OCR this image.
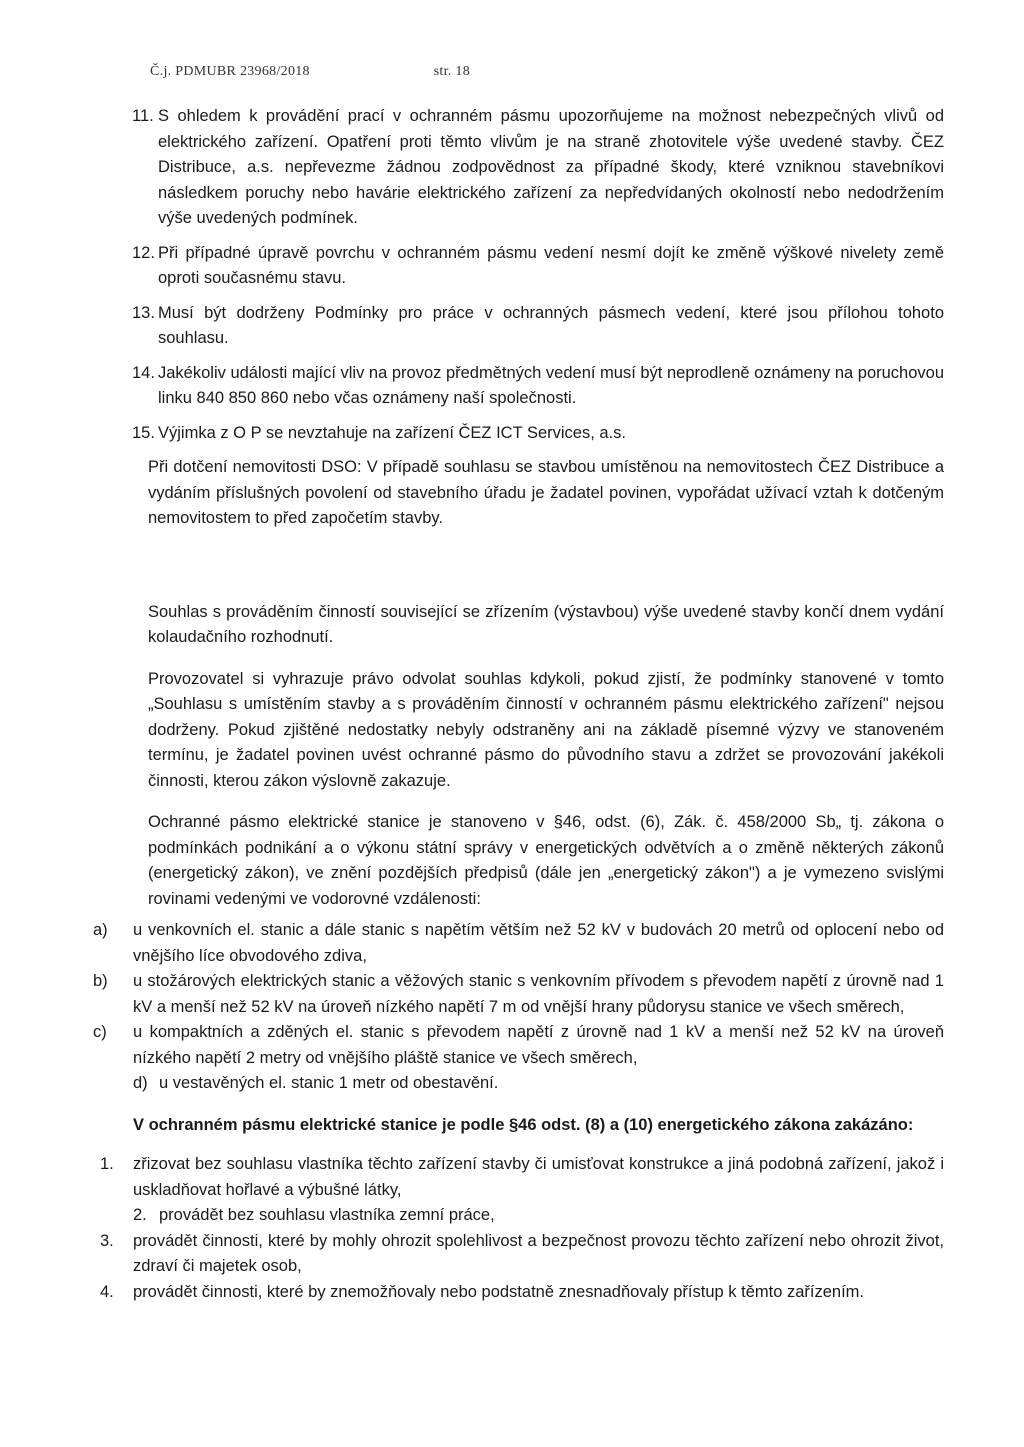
Č.j. PDMUBR 23968/2018	str. 18
11. S ohledem k provádění prací v ochranném pásmu upozorňujeme na možnost nebezpečných vlivů od elektrického zařízení. Opatření proti těmto vlivům je na straně zhotovitele výše uvedené stavby. ČEZ Distribuce, a.s. nepřevezme žádnou zodpovědnost za případné škody, které vzniknou stavebníkovi následkem poruchy nebo havárie elektrického zařízení za nepředvídaných okolností nebo nedodržením výše uvedených podmínek.
12. Při případné úpravě povrchu v ochranném pásmu vedení nesmí dojít ke změně výškové nivelety země oproti současnému stavu.
13. Musí být dodrženy Podmínky pro práce v ochranných pásmech vedení, které jsou přílohou tohoto souhlasu.
14. Jakékoliv události mající vliv na provoz předmětných vedení musí být neprodleně oznámeny na poruchovou linku 840 850 860 nebo včas oznámeny naší společnosti.
15. Výjimka z O P se nevztahuje na zařízení ČEZ ICT Services, a.s.

Při dotčení nemovitosti DSO: V případě souhlasu se stavbou umístěnou na nemovitostech ČEZ Distribuce a vydáním příslušných povolení od stavebního úřadu je žadatel povinen, vypořádat užívací vztah k dotčeným nemovitostem to před započetím stavby.

Souhlas s prováděním činností související se zřízením (výstavbou) výše uvedené stavby končí dnem vydání kolaudačního rozhodnutí.

Provozovatel si vyhrazuje právo odvolat souhlas kdykoli, pokud zjistí, že podmínky stanovené v tomto „Souhlasu s umístěním stavby a s prováděním činností v ochranném pásmu elektrického zařízení" nejsou dodrženy. Pokud zjištěné nedostatky nebyly odstraněny ani na základě písemné výzvy ve stanoveném termínu, je žadatel povinen uvést ochranné pásmo do původního stavu a zdržet se provozování jakékoli činnosti, kterou zákon výslovně zakazuje.

Ochranné pásmo elektrické stanice je stanoveno v §46, odst. (6), Zák. č. 458/2000 Sb„ tj. zákona o podmínkách podnikání a o výkonu státní správy v energetických odvětvích a o změně některých zákonů (energetický zákon), ve znění pozdějších předpisů (dále jen „energetický zákon") a je vymezeno svislými rovinami vedenými ve vodorovné vzdálenosti:

a) u venkovních el. stanic a dále stanic s napětím větším než 52 kV v budovách 20 metrů od oplocení nebo od vnějšího líce obvodového zdiva,
b) u stožárových elektrických stanic a věžových stanic s venkovním přívodem s převodem napětí z úrovně nad 1 kV a menší než 52 kV na úroveň nízkého napětí 7 m od vnější hrany půdorysu stanice ve všech směrech,
c) u kompaktních a zděných el. stanic s převodem napětí z úrovně nad 1 kV a menší než 52 kV na úroveň nízkého napětí 2 metry od vnějšího pláště stanice ve všech směrech,
d) u vestavěných el. stanic 1 metr od obestavění.
V ochranném pásmu elektrické stanice je podle §46 odst. (8) a (10) energetického zákona zakázáno:
1. zřizovat bez souhlasu vlastníka těchto zařízení stavby či umisťovat konstrukce a jiná podobná zařízení, jakož i uskladňovat hořlavé a výbušné látky,
2. provádět bez souhlasu vlastníka zemní práce,
3. provádět činnosti, které by mohly ohrozit spolehlivost a bezpečnost provozu těchto zařízení nebo ohrozit život, zdraví či majetek osob,
4. provádět činnosti, které by znemožňovaly nebo podstatně znesnadňovaly přístup k těmto zařízením.
